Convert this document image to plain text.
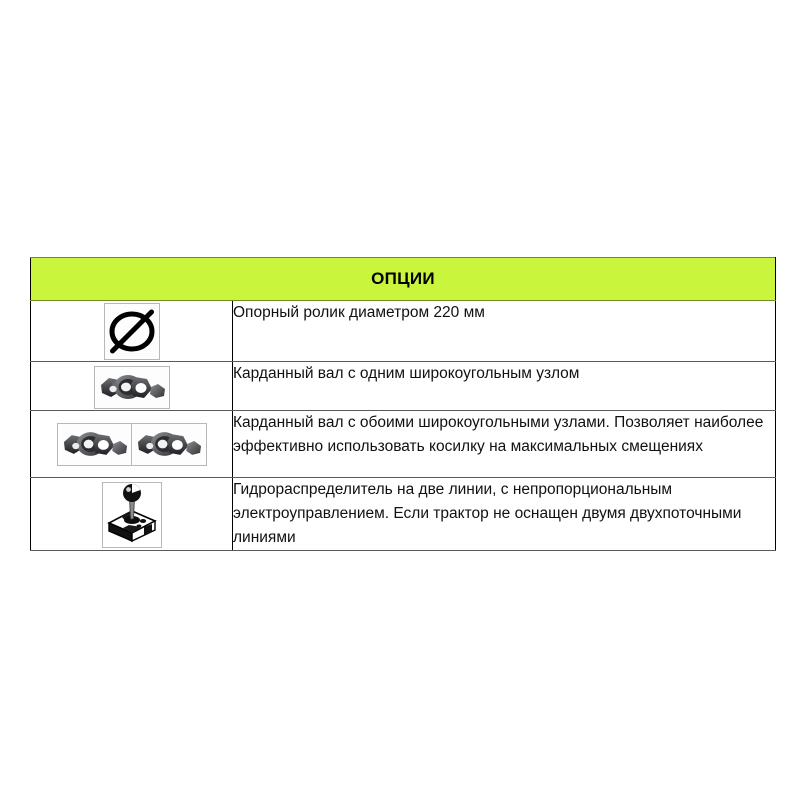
ОПЦИИ	

Опорный ролик диаметром 220 мм

Карданный вал с одним широкоугольным узлом

Карданный вал с обоими широкоугольными узлами. Позволяет наиболее эффективно использовать косилку на максимальных смещениях

Гидрораспределитель на две линии, с непропорциональным электроуправлением. Если трактор не оснащен двумя двухпоточными линиями
